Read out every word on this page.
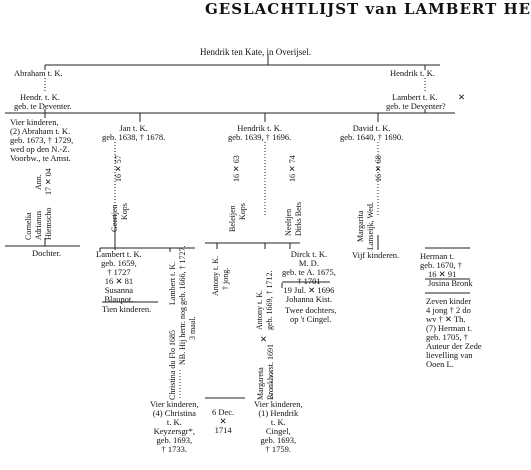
GESLACHTLIJST van LAMBERT HE
Hendrik ten Kate, in Overijsel.
Abraham t. K.
Hendr. t. K.
geb. te Deventer.
Hendrik t. K.
Lambert t. K.
geb. te Deventer?
✕
Vier kinderen,
(2) Abraham t. K.
geb. 1673, † 1729,
wed op den N.-Z.
Voorbw., te Amst.
Jan t. K.
geb. 1638, † 1678.
Hendrik t. K.
geb. 1639, † 1696.
David t. K.
geb. 1640, † 1690.
Ann. 17 ✕ 04
Cornelia Adrianus Hiemscho
Dochter.
16 ✕ 57
Geertjen Kops
16 ✕ 63
Beleijen Kops
16 ✕ 74
Neeltjen Dirks Bets
16 ✕ 68
Margarita Lanseijk, Wed.
Lambert t. K.
geb. 1659,
† 1727
16 ✕ 81
Susanna
Blaupot.
Tien kinderen.
Lambert t. K. geb. 1666, † 1727.
Christina du Flo 1685 NB. Hij hertr. nog 3 maal.
Antony t. K. † jong.
Antony t. K. geb. 1669, † 1712.
✕
Margareta Bronkhorst. 1691
Dirck t. K.
M. D.
geb. te A. 1675,
† 1701
19 Jul. ✕ 1696
Johanna Kist.
Twee dochters,
op 't Cingel.
Vijf kinderen. Herman t.
geb. 1670, †
16 ✕ 91
Josina Bronk
Zeven kinder
4 jong † 2 do
wv † ✕ Th.
(7) Herman t.
geb. 1705, †
Auteur der Zede
lievelling van
Ooen L.
Vier kinderen,
(4) Christina
t. K.
Keyzersgr*,
geb. 1693,
† 1733.
6 Dec.
✕
1714
Vier kinderen,
(1) Hendrik
t. K.
Cingel,
geb. 1693,
† 1759.
